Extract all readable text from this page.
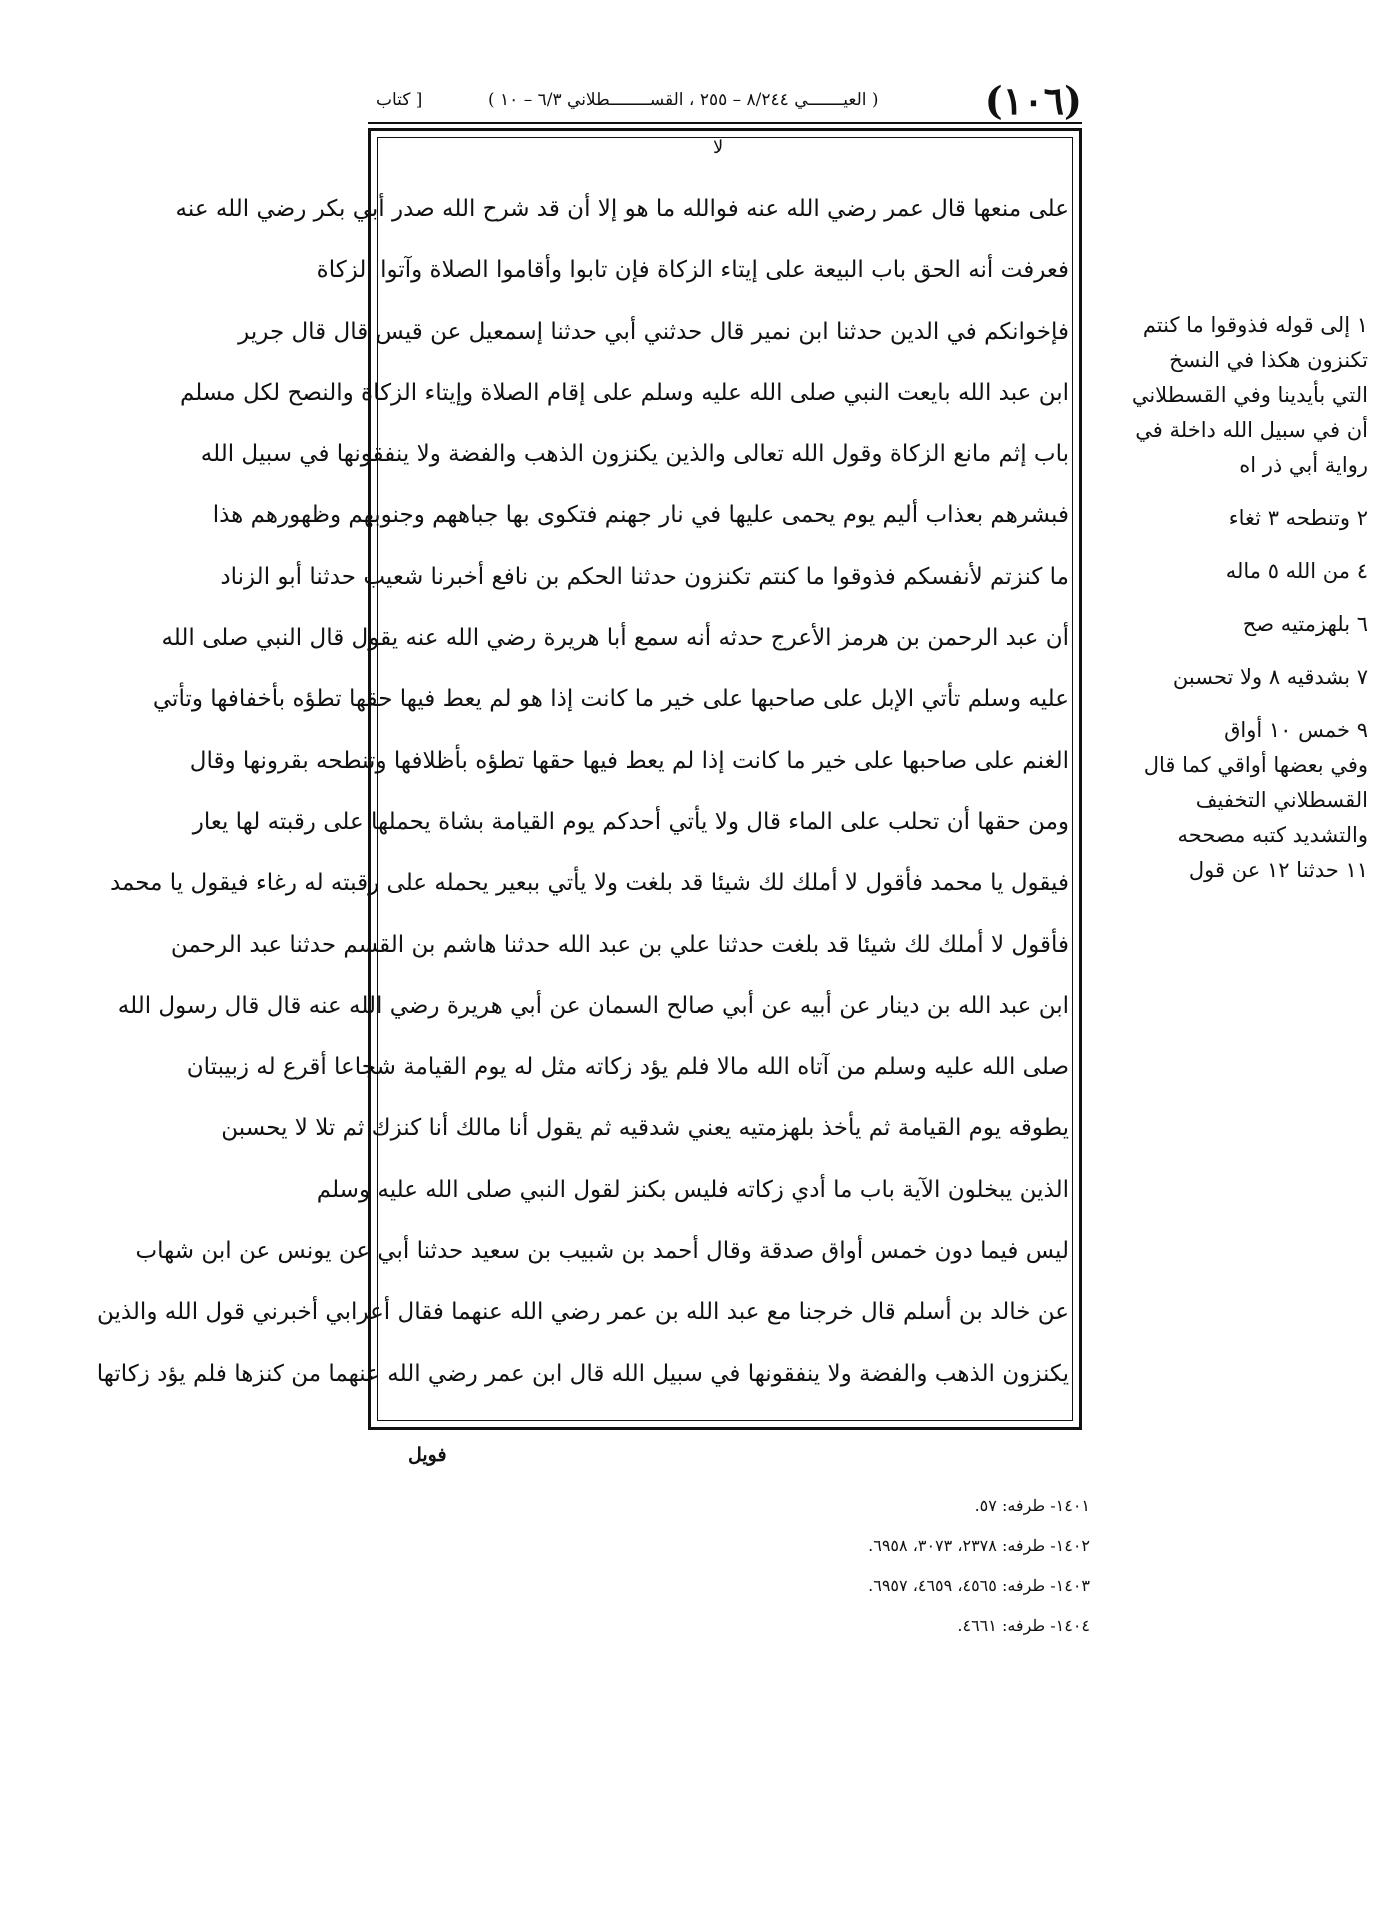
(١٠٦)
( العيـــــــي ٨/٢٤٤ – ٢٥٥ ، القســــــــطلاني ٦/٣ – ١٠ )
[ كتاب
لا
على منعها قال عمر رضي الله عنه فوالله ما هو إلا أن قد شرح الله صدر أبي بكر رضي الله عنه
فعرفت أنه الحق باب البيعة على إيتاء الزكاة فإن تابوا وأقاموا الصلاة وآتوا الزكاة
فإخوانكم في الدين حدثنا ابن نمير قال حدثني أبي حدثنا إسمعيل عن قيس قال قال جرير
ابن عبد الله بايعت النبي صلى الله عليه وسلم على إقام الصلاة وإيتاء الزكاة والنصح لكل مسلم
باب إثم مانع الزكاة وقول الله تعالى والذين يكنزون الذهب والفضة ولا ينفقونها في سبيل الله
فبشرهم بعذاب أليم يوم يحمى عليها في نار جهنم فتكوى بها جباههم وجنوبهم وظهورهم هذا
ما كنزتم لأنفسكم فذوقوا ما كنتم تكنزون حدثنا الحكم بن نافع أخبرنا شعيب حدثنا أبو الزناد
أن عبد الرحمن بن هرمز الأعرج حدثه أنه سمع أبا هريرة رضي الله عنه يقول قال النبي صلى الله
عليه وسلم تأتي الإبل على صاحبها على خير ما كانت إذا هو لم يعط فيها حقها تطؤه بأخفافها وتأتي
الغنم على صاحبها على خير ما كانت إذا لم يعط فيها حقها تطؤه بأظلافها وتنطحه بقرونها وقال
ومن حقها أن تحلب على الماء قال ولا يأتي أحدكم يوم القيامة بشاة يحملها على رقبته لها يعار
فيقول يا محمد فأقول لا أملك لك شيئا قد بلغت ولا يأتي ببعير يحمله على رقبته له رغاء فيقول يا محمد
فأقول لا أملك لك شيئا قد بلغت حدثنا علي بن عبد الله حدثنا هاشم بن القسم حدثنا عبد الرحمن
ابن عبد الله بن دينار عن أبيه عن أبي صالح السمان عن أبي هريرة رضي الله عنه قال قال رسول الله
صلى الله عليه وسلم من آتاه الله مالا فلم يؤد زكاته مثل له يوم القيامة شجاعا أقرع له زبيبتان
يطوقه يوم القيامة ثم يأخذ بلهزمتيه يعني شدقيه ثم يقول أنا مالك أنا كنزك ثم تلا لا يحسبن
الذين يبخلون الآية باب ما أدي زكاته فليس بكنز لقول النبي صلى الله عليه وسلم
ليس فيما دون خمس أواق صدقة وقال أحمد بن شبيب بن سعيد حدثنا أبي عن يونس عن ابن شهاب
عن خالد بن أسلم قال خرجنا مع عبد الله بن عمر رضي الله عنهما فقال أعرابي أخبرني قول الله والذين
يكنزون الذهب والفضة ولا ينفقونها في سبيل الله قال ابن عمر رضي الله عنهما من كنزها فلم يؤد زكاتها
١ إلى قوله فذوقوا ما كنتم
تكنزون هكذا في النسخ
التي بأيدينا وفي القسطلاني
أن في سبيل الله داخلة في
رواية أبي ذر اه
٢ وتنطحه ٣ ثغاء
٤ من الله ٥ ماله
٦ بلهزمتيه صح
٧ بشدقيه ٨ ولا تحسبن
٩ خمس ١٠ أواق
وفي بعضها أواقي كما قال
القسطلاني التخفيف
والتشديد كتبه مصححه
١١ حدثنا ١٢ عن قول
فويل
١٤٠١- طرفه: ٥٧.
١٤٠٢- طرفه: ٢٣٧٨، ٣٠٧٣، ٦٩٥٨.
١٤٠٣- طرفه: ٤٥٦٥، ٤٦٥٩، ٦٩٥٧.
١٤٠٤- طرفه: ٤٦٦١.
